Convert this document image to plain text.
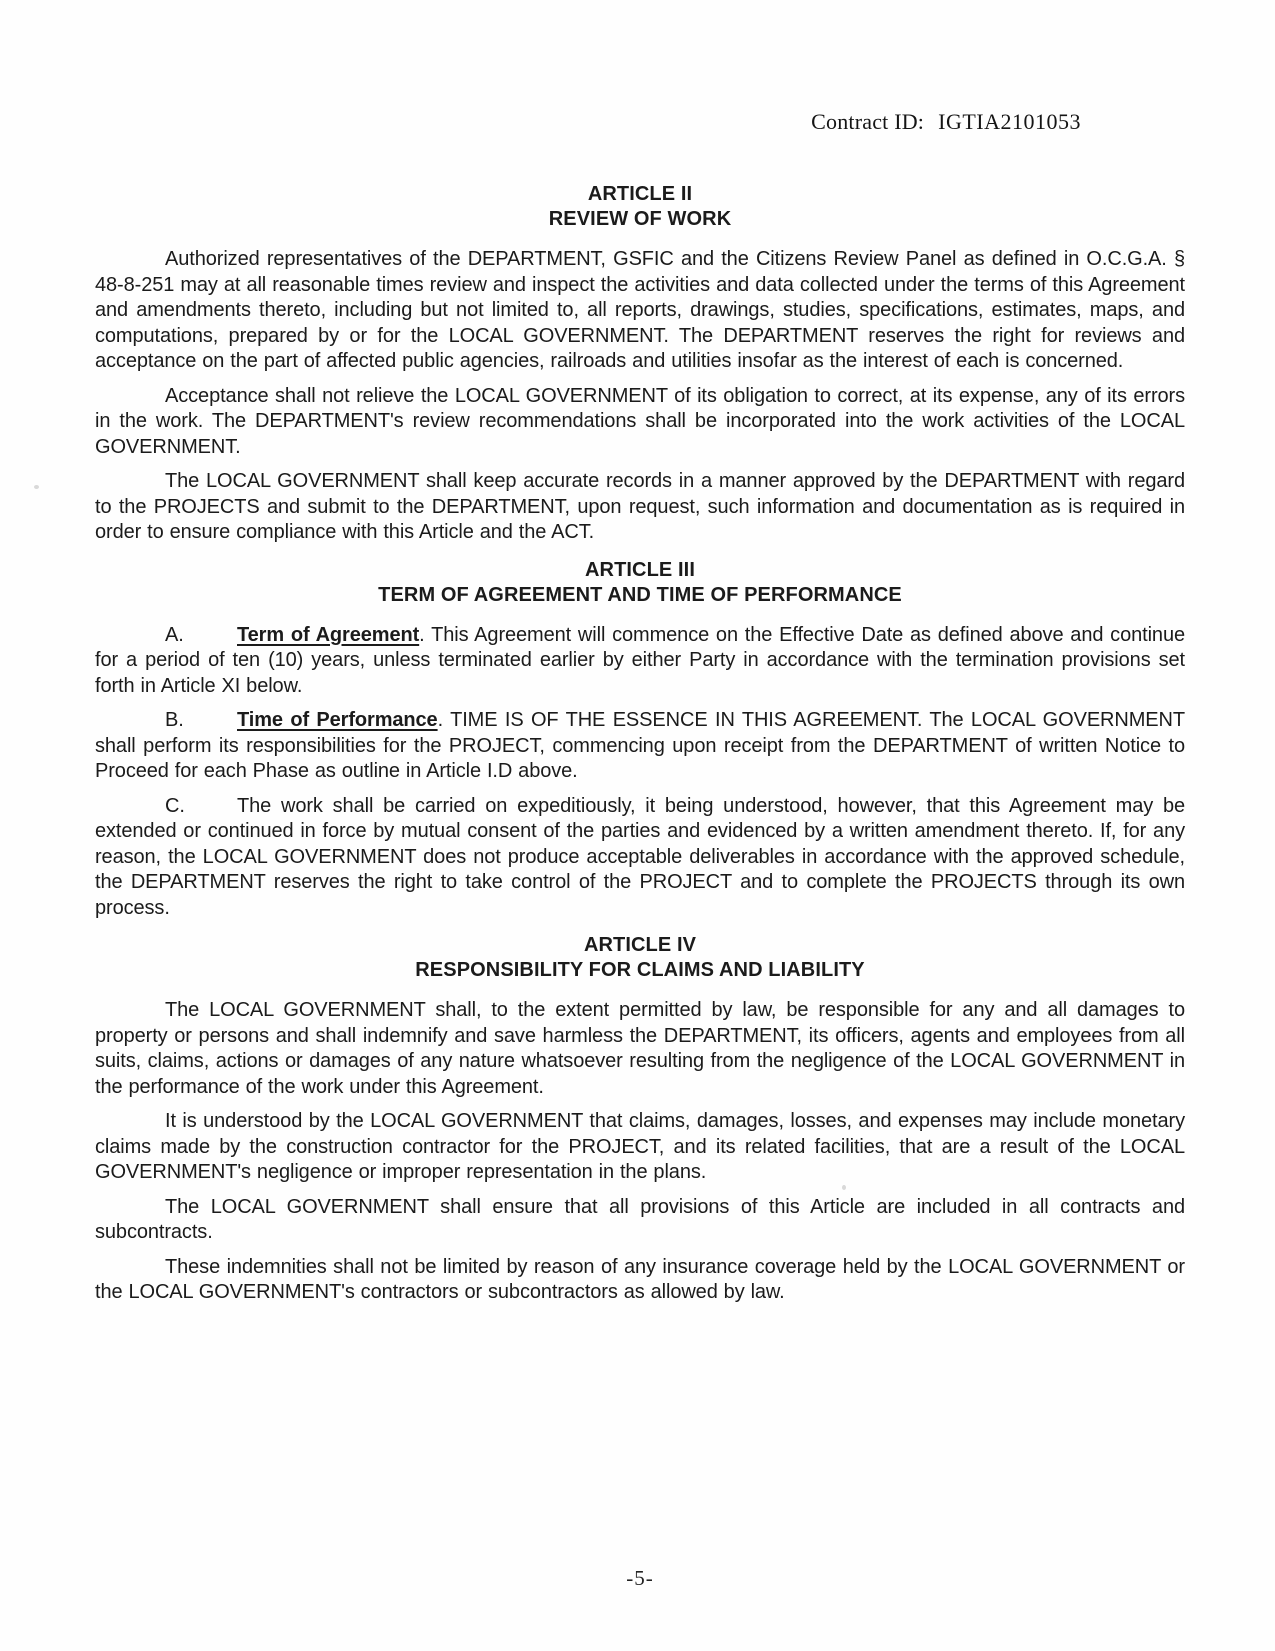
Contract ID: IGTIA2101053
ARTICLE II
REVIEW OF WORK
Authorized representatives of the DEPARTMENT, GSFIC and the Citizens Review Panel as defined in O.C.G.A. § 48-8-251 may at all reasonable times review and inspect the activities and data collected under the terms of this Agreement and amendments thereto, including but not limited to, all reports, drawings, studies, specifications, estimates, maps, and computations, prepared by or for the LOCAL GOVERNMENT. The DEPARTMENT reserves the right for reviews and acceptance on the part of affected public agencies, railroads and utilities insofar as the interest of each is concerned.
Acceptance shall not relieve the LOCAL GOVERNMENT of its obligation to correct, at its expense, any of its errors in the work. The DEPARTMENT's review recommendations shall be incorporated into the work activities of the LOCAL GOVERNMENT.
The LOCAL GOVERNMENT shall keep accurate records in a manner approved by the DEPARTMENT with regard to the PROJECTS and submit to the DEPARTMENT, upon request, such information and documentation as is required in order to ensure compliance with this Article and the ACT.
ARTICLE III
TERM OF AGREEMENT AND TIME OF PERFORMANCE
A.	Term of Agreement. This Agreement will commence on the Effective Date as defined above and continue for a period of ten (10) years, unless terminated earlier by either Party in accordance with the termination provisions set forth in Article XI below.
B.	Time of Performance. TIME IS OF THE ESSENCE IN THIS AGREEMENT. The LOCAL GOVERNMENT shall perform its responsibilities for the PROJECT, commencing upon receipt from the DEPARTMENT of written Notice to Proceed for each Phase as outline in Article I.D above.
C.	The work shall be carried on expeditiously, it being understood, however, that this Agreement may be extended or continued in force by mutual consent of the parties and evidenced by a written amendment thereto. If, for any reason, the LOCAL GOVERNMENT does not produce acceptable deliverables in accordance with the approved schedule, the DEPARTMENT reserves the right to take control of the PROJECT and to complete the PROJECTS through its own process.
ARTICLE IV
RESPONSIBILITY FOR CLAIMS AND LIABILITY
The LOCAL GOVERNMENT shall, to the extent permitted by law, be responsible for any and all damages to property or persons and shall indemnify and save harmless the DEPARTMENT, its officers, agents and employees from all suits, claims, actions or damages of any nature whatsoever resulting from the negligence of the LOCAL GOVERNMENT in the performance of the work under this Agreement.
It is understood by the LOCAL GOVERNMENT that claims, damages, losses, and expenses may include monetary claims made by the construction contractor for the PROJECT, and its related facilities, that are a result of the LOCAL GOVERNMENT's negligence or improper representation in the plans.
The LOCAL GOVERNMENT shall ensure that all provisions of this Article are included in all contracts and subcontracts.
These indemnities shall not be limited by reason of any insurance coverage held by the LOCAL GOVERNMENT or the LOCAL GOVERNMENT's contractors or subcontractors as allowed by law.
-5-
